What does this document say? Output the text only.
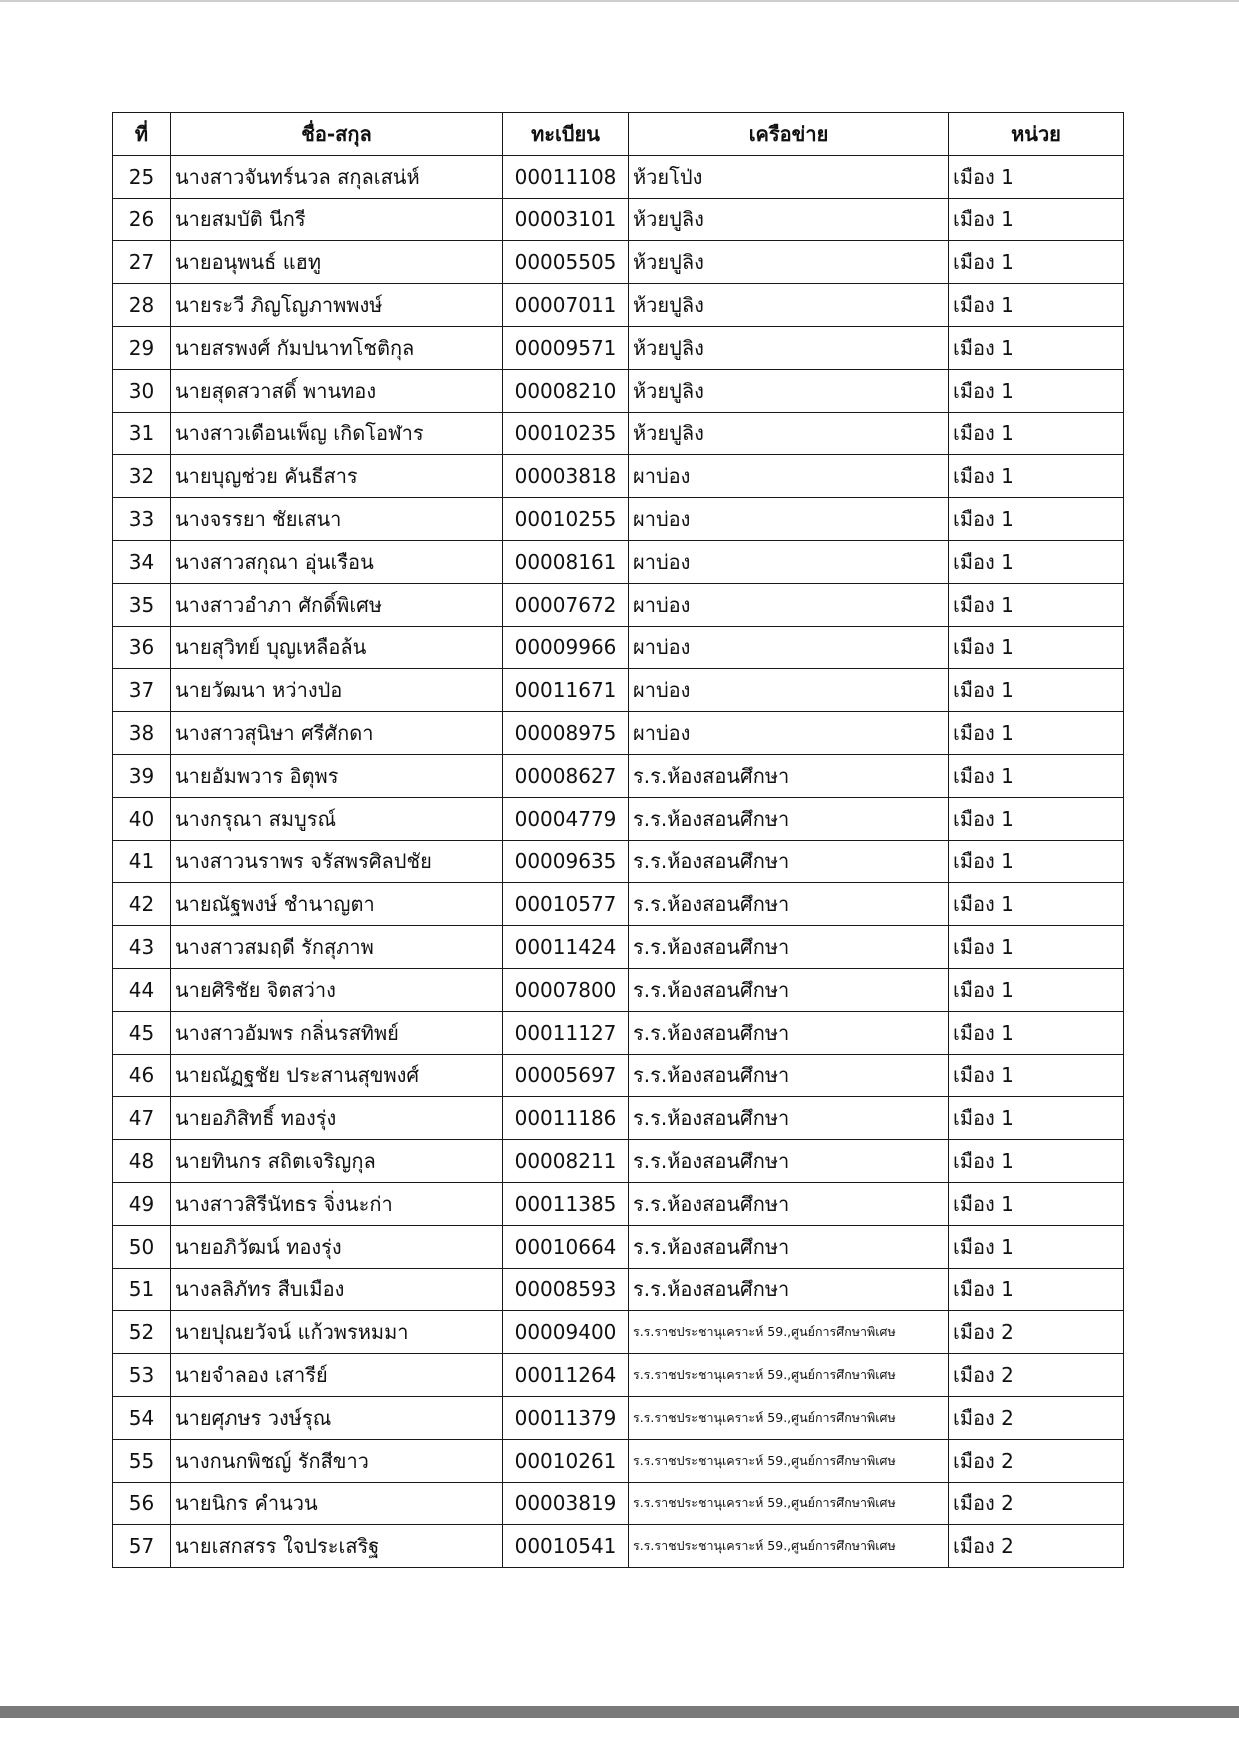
ที่	ชื่อ-สกุล	ทะเบียน	เครือข่าย	หน่วย
25	นางสาวจันทร์นวล สกุลเสน่ห์	00011108	ห้วยโป่ง	เมือง 1
26	นายสมบัติ นีกรี	00003101	ห้วยปูลิง	เมือง 1
27	นายอนุพนธ์ แฮทู	00005505	ห้วยปูลิง	เมือง 1
28	นายระวี ภิญโญภาพพงษ์	00007011	ห้วยปูลิง	เมือง 1
29	นายสรพงศ์ กัมปนาทโชติกุล	00009571	ห้วยปูลิง	เมือง 1
30	นายสุดสวาสดิ์ พานทอง	00008210	ห้วยปูลิง	เมือง 1
31	นางสาวเดือนเพ็ญ เกิดโอฬาร	00010235	ห้วยปูลิง	เมือง 1
32	นายบุญช่วย คันธีสาร	00003818	ผาบ่อง	เมือง 1
33	นางจรรยา ชัยเสนา	00010255	ผาบ่อง	เมือง 1
34	นางสาวสกุณา อุ่นเรือน	00008161	ผาบ่อง	เมือง 1
35	นางสาวอำภา ศักดิ์พิเศษ	00007672	ผาบ่อง	เมือง 1
36	นายสุวิทย์ บุญเหลือล้น	00009966	ผาบ่อง	เมือง 1
37	นายวัฒนา หว่างป่อ	00011671	ผาบ่อง	เมือง 1
38	นางสาวสุนิษา ศรีศักดา	00008975	ผาบ่อง	เมือง 1
39	นายอัมพวาร อิตุพร	00008627	ร.ร.ห้องสอนศึกษา	เมือง 1
40	นางกรุณา สมบูรณ์	00004779	ร.ร.ห้องสอนศึกษา	เมือง 1
41	นางสาวนราพร จรัสพรศิลปชัย	00009635	ร.ร.ห้องสอนศึกษา	เมือง 1
42	นายณัฐพงษ์ ชำนาญตา	00010577	ร.ร.ห้องสอนศึกษา	เมือง 1
43	นางสาวสมฤดี รักสุภาพ	00011424	ร.ร.ห้องสอนศึกษา	เมือง 1
44	นายศิริชัย จิตสว่าง	00007800	ร.ร.ห้องสอนศึกษา	เมือง 1
45	นางสาวอัมพร กลิ่นรสทิพย์	00011127	ร.ร.ห้องสอนศึกษา	เมือง 1
46	นายณัฏฐชัย ประสานสุขพงศ์	00005697	ร.ร.ห้องสอนศึกษา	เมือง 1
47	นายอภิสิทธิ์ ทองรุ่ง	00011186	ร.ร.ห้องสอนศึกษา	เมือง 1
48	นายทินกร สถิตเจริญกุล	00008211	ร.ร.ห้องสอนศึกษา	เมือง 1
49	นางสาวสิรีนัทธร จิ่งนะก่า	00011385	ร.ร.ห้องสอนศึกษา	เมือง 1
50	นายอภิวัฒน์ ทองรุ่ง	00010664	ร.ร.ห้องสอนศึกษา	เมือง 1
51	นางลลิภัทร สืบเมือง	00008593	ร.ร.ห้องสอนศึกษา	เมือง 1
52	นายปุณยวัจน์ แก้วพรหมมา	00009400	ร.ร.ราชประชานุเคราะห์ 59.,ศูนย์การศึกษาพิเศษ	เมือง 2
53	นายจำลอง เสารีย์	00011264	ร.ร.ราชประชานุเคราะห์ 59.,ศูนย์การศึกษาพิเศษ	เมือง 2
54	นายศุภษร วงษ์รุณ	00011379	ร.ร.ราชประชานุเคราะห์ 59.,ศูนย์การศึกษาพิเศษ	เมือง 2
55	นางกนกพิชญ์ รักสีขาว	00010261	ร.ร.ราชประชานุเคราะห์ 59.,ศูนย์การศึกษาพิเศษ	เมือง 2
56	นายนิกร คำนวน	00003819	ร.ร.ราชประชานุเคราะห์ 59.,ศูนย์การศึกษาพิเศษ	เมือง 2
57	นายเสกสรร ใจประเสริฐ	00010541	ร.ร.ราชประชานุเคราะห์ 59.,ศูนย์การศึกษาพิเศษ	เมือง 2
